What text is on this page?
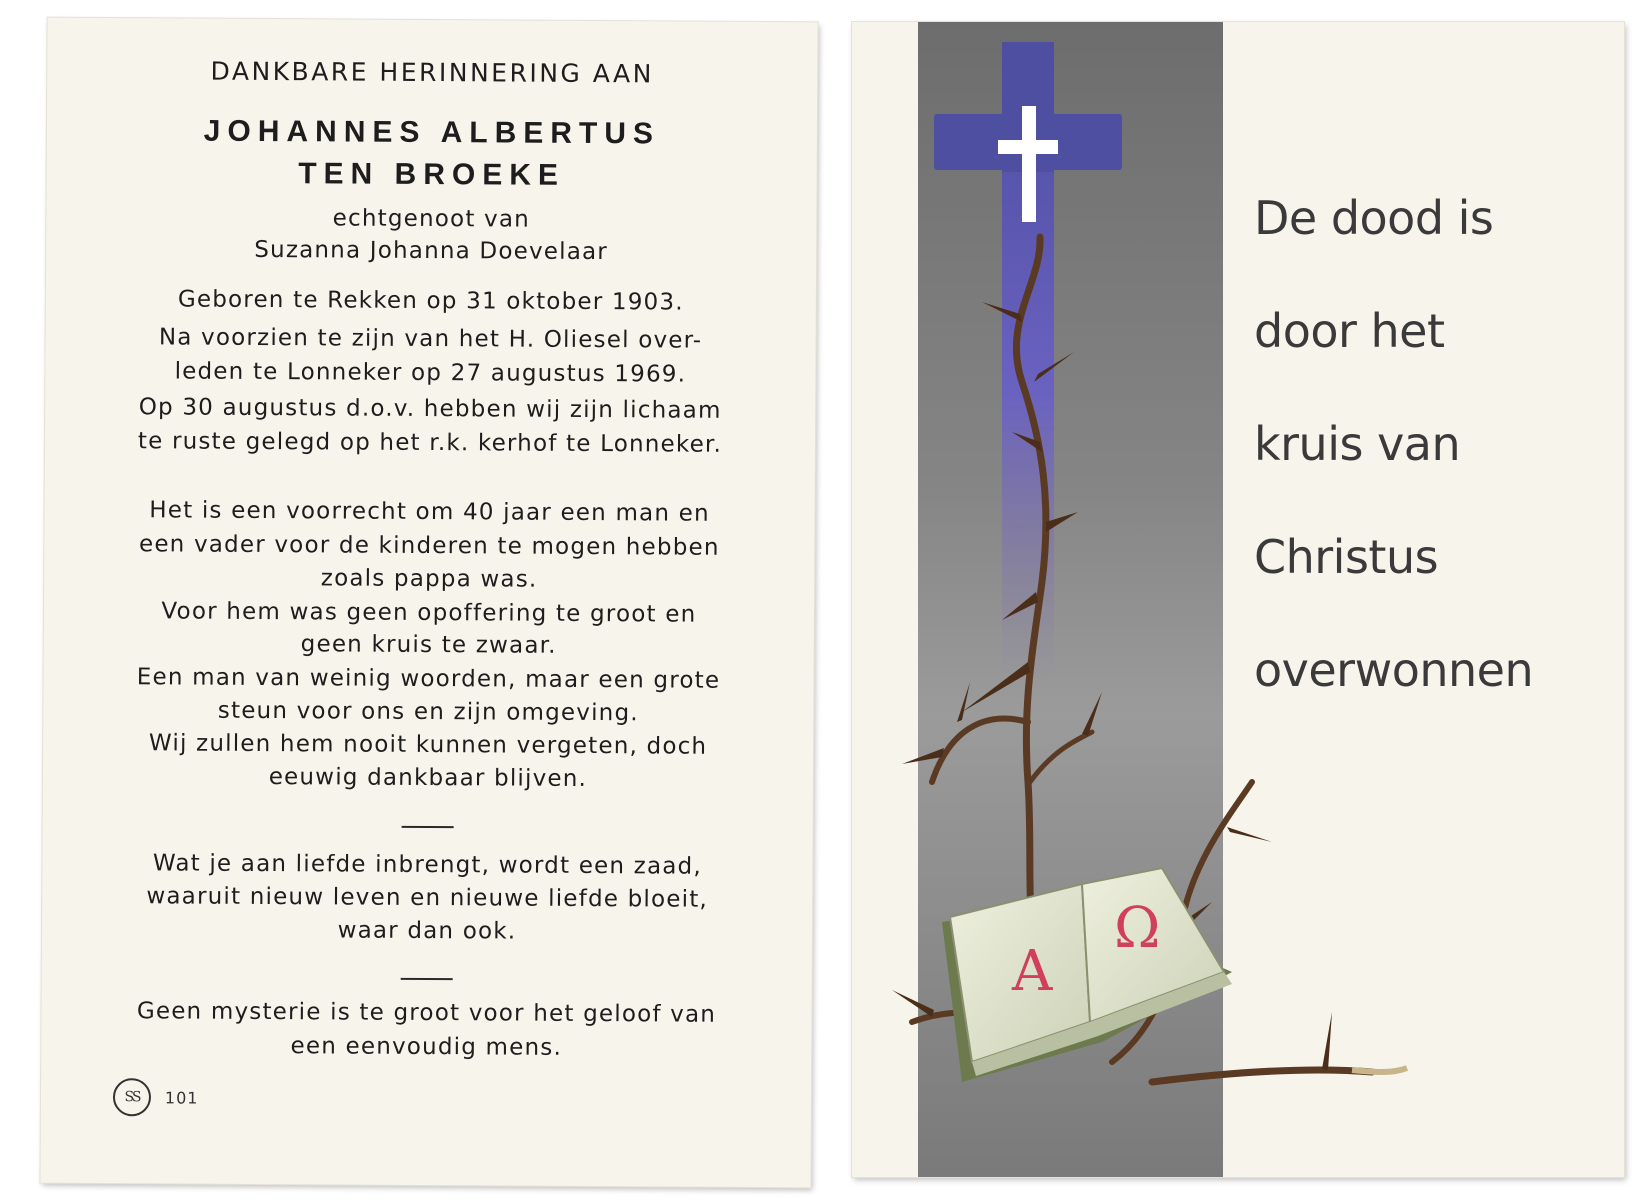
DANKBARE HERINNERING AAN

JOHANNES ALBERTUS

TEN BROEKE

echtgenoot van

Suzanna Johanna Doevelaar

Geboren te Rekken op 31 oktober 1903.

Na voorzien te zijn van het H. Oliesel over-

leden te Lonneker op 27 augustus 1969.

Op 30 augustus d.o.v. hebben wij zijn lichaam

te ruste gelegd op het r.k. kerhof te Lonneker.

Het is een voorrecht om 40 jaar een man en

een vader voor de kinderen te mogen hebben

zoals pappa was.

Voor hem was geen opoffering te groot en

geen kruis te zwaar.

Een man van weinig woorden, maar een grote

steun voor ons en zijn omgeving.

Wij zullen hem nooit kunnen vergeten, doch

eeuwig dankbaar blijven.

Wat je aan liefde inbrengt, wordt een zaad,

waaruit nieuw leven en nieuwe liefde bloeit,

waar dan ook.

Geen mysterie is te groot voor het geloof van

een eenvoudig mens.

SS	101
A
Ω
De dood is
door het
kruis van
Christus
overwonnen
